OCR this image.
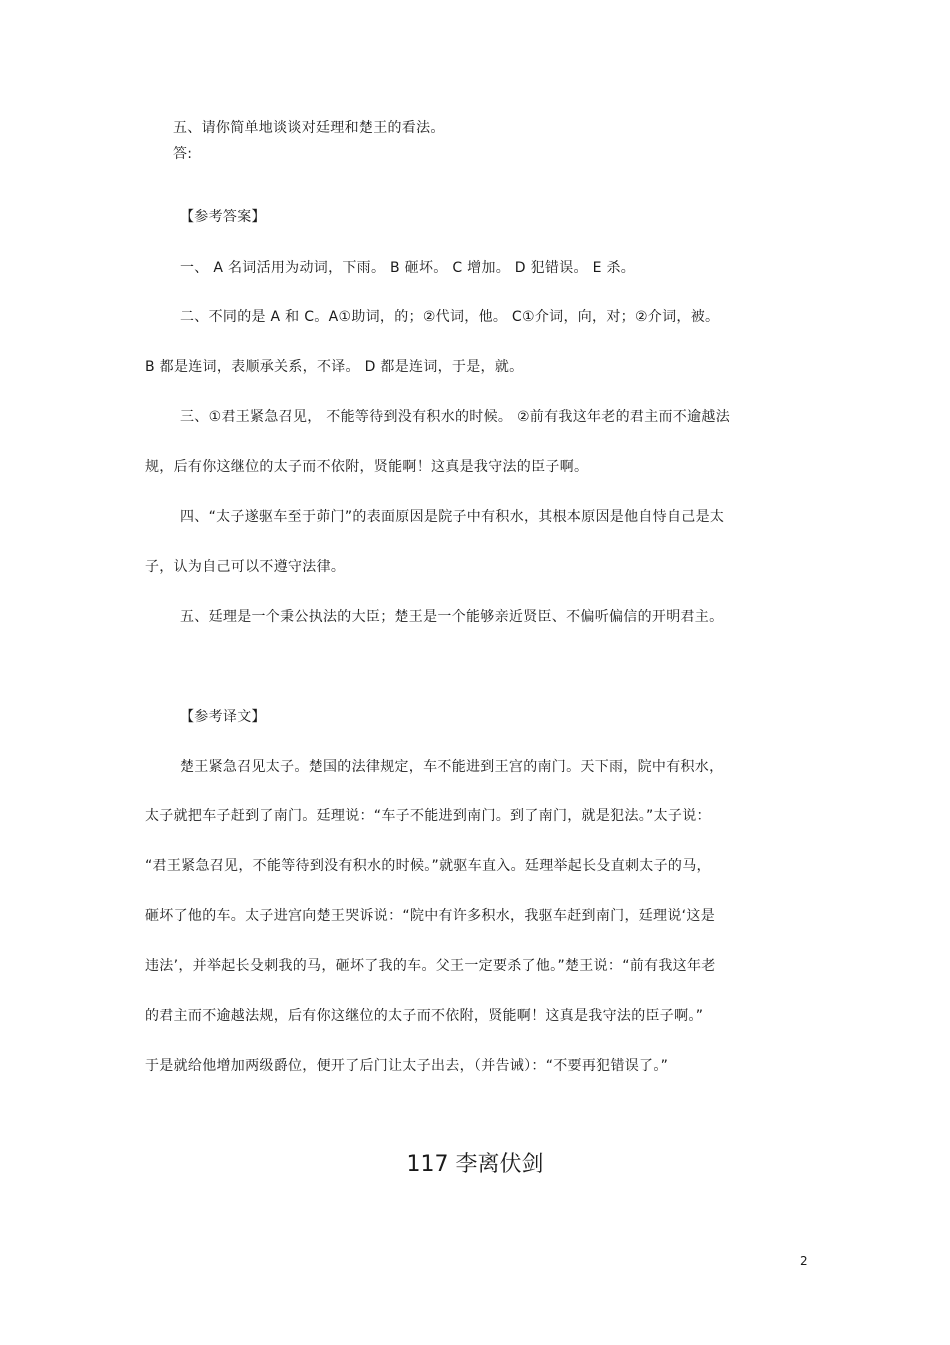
五、请你简单地谈谈对廷理和楚王的看法。
答:
【参考答案】
一、 A 名词活用为动词，下雨。 B 砸坏。 C 增加。 D 犯错误。 E 杀。
二、不同的是 A 和 C。A①助词，的；②代词，他。 C①介词，向，对；②介词，被。
B 都是连词，表顺承关系，不译。 D 都是连词，于是，就。
三、①君王紧急召见， 不能等待到没有积水的时候。 ②前有我这年老的君主而不逾越法
规，后有你这继位的太子而不依附，贤能啊！这真是我守法的臣子啊。
四、“太子遂驱车至于茆门”的表面原因是院子中有积水，其根本原因是他自恃自己是太
子，认为自己可以不遵守法律。
五、廷理是一个秉公执法的大臣；楚王是一个能够亲近贤臣、不偏听偏信的开明君主。
【参考译文】
楚王紧急召见太子。楚国的法律规定，车不能进到王宫的南门。天下雨，院中有积水，
太子就把车子赶到了南门。廷理说：“车子不能进到南门。到了南门，就是犯法。”太子说：
“君王紧急召见，不能等待到没有积水的时候。”就驱车直入。廷理举起长殳直刺太子的马，
砸坏了他的车。太子进宫向楚王哭诉说：“院中有许多积水，我驱车赶到南门，廷理说‘这是
违法’，并举起长殳刺我的马，砸坏了我的车。父王一定要杀了他。”楚王说：“前有我这年老
的君主而不逾越法规，后有你这继位的太子而不依附，贤能啊！这真是我守法的臣子啊。”
于是就给他增加两级爵位，便开了后门让太子出去，（并告诫）：“不要再犯错误了。”
117 李离伏剑
2
